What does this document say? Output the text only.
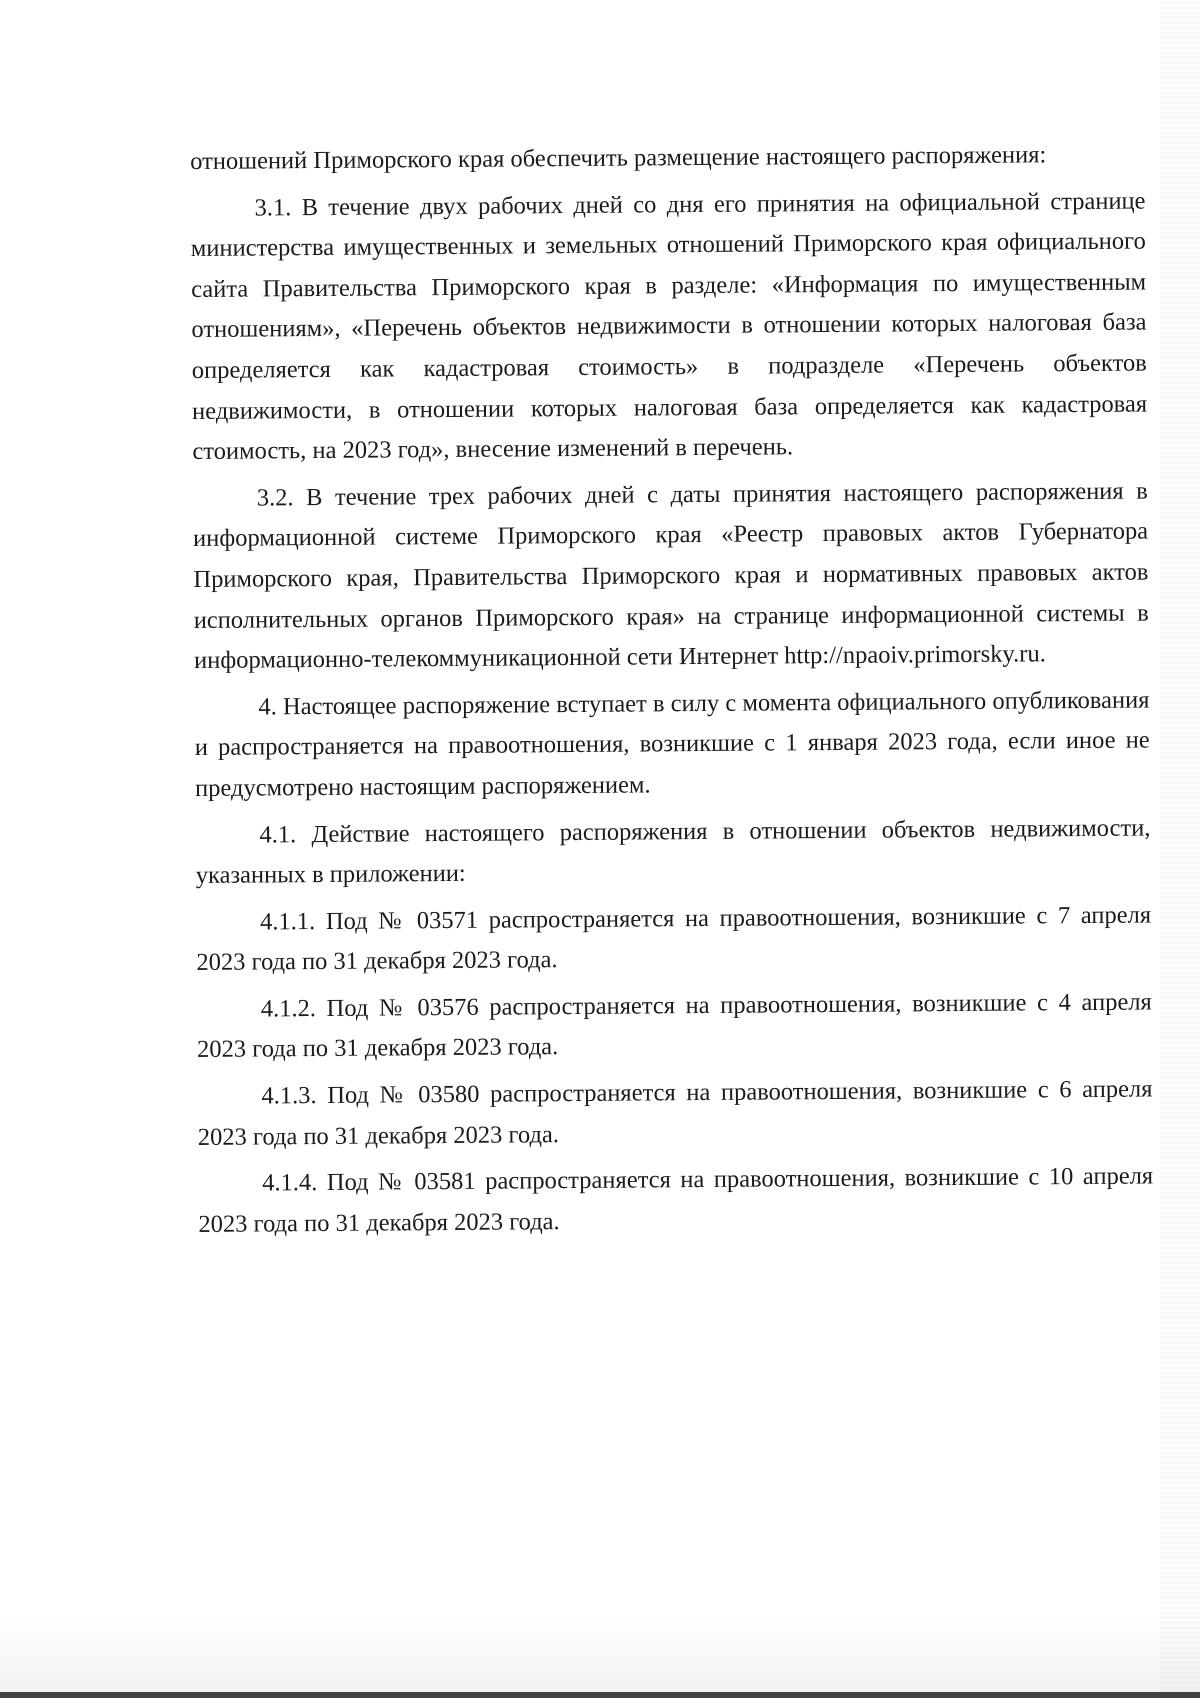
отношений Приморского края обеспечить размещение настоящего распоряжения:

3.1. В течение двух рабочих дней со дня его принятия на официальной странице министерства имущественных и земельных отношений Приморского края официального сайта Правительства Приморского края в разделе: «Информация по имущественным отношениям», «Перечень объектов недвижимости в отношении которых налоговая база определяется как кадастровая стоимость» в подразделе «Перечень объектов недвижимости, в отношении которых налоговая база определяется как кадастровая стоимость, на 2023 год», внесение изменений в перечень.

3.2. В течение трех рабочих дней с даты принятия настоящего распоряжения в информационной системе Приморского края «Реестр правовых актов Губернатора Приморского края, Правительства Приморского края и нормативных правовых актов исполнительных органов Приморского края» на странице информационной системы в информационно-телекоммуникационной сети Интернет http://npaoiv.primorsky.ru.

4. Настоящее распоряжение вступает в силу с момента официального опубликования и распространяется на правоотношения, возникшие с 1 января 2023 года, если иное не предусмотрено настоящим распоряжением.

4.1. Действие настоящего распоряжения в отношении объектов недвижимости, указанных в приложении:

4.1.1. Под № 03571 распространяется на правоотношения, возникшие с 7 апреля 2023 года по 31 декабря 2023 года.

4.1.2. Под № 03576 распространяется на правоотношения, возникшие с 4 апреля 2023 года по 31 декабря 2023 года.

4.1.3. Под № 03580 распространяется на правоотношения, возникшие с 6 апреля 2023 года по 31 декабря 2023 года.

4.1.4. Под № 03581 распространяется на правоотношения, возникшие с 10 апреля 2023 года по 31 декабря 2023 года.
